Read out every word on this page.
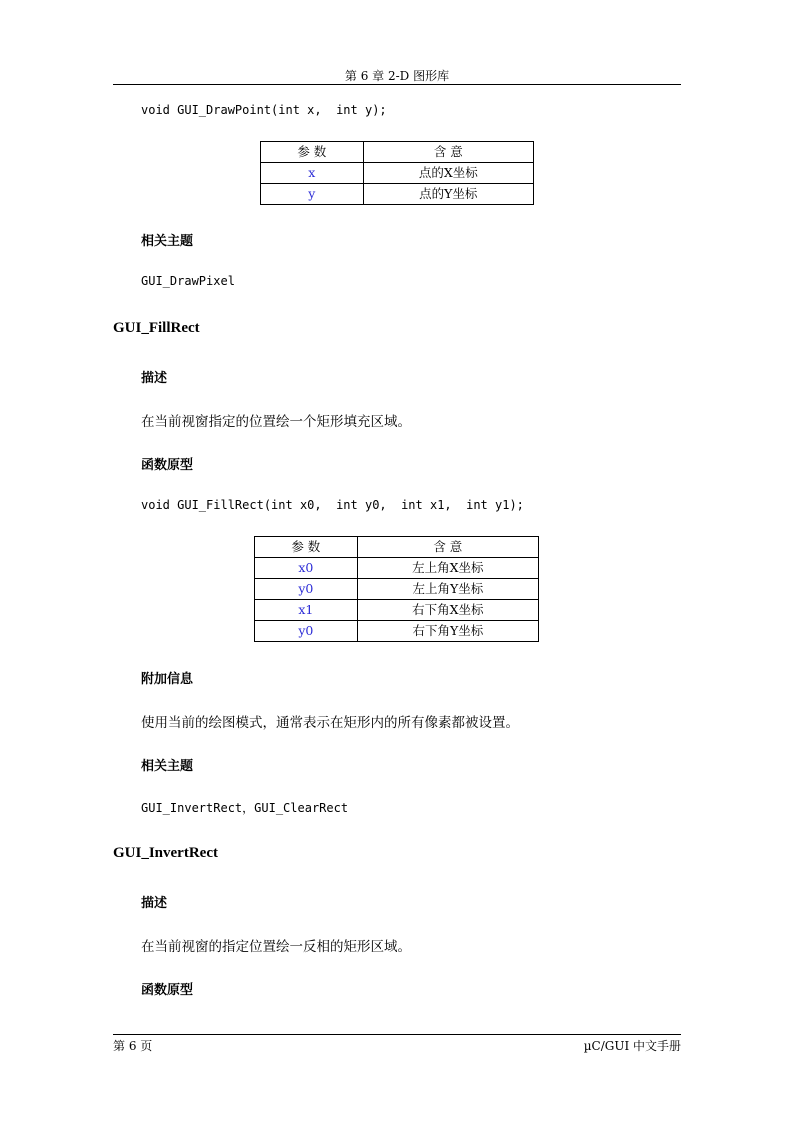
第 6 章 2-D 图形库
void GUI_DrawPoint(int x,  int y);
参 数	含 意
x	点的X坐标
y	点的Y坐标
相关主题
GUI_DrawPixel
GUI_FillRect
描述
在当前视窗指定的位置绘一个矩形填充区域。
函数原型
void GUI_FillRect(int x0,  int y0,  int x1,  int y1);
参 数	含 意
x0	左上角X坐标
y0	左上角Y坐标
x1	右下角X坐标
y0	右下角Y坐标
附加信息
使用当前的绘图模式，通常表示在矩形内的所有像素都被设置。
相关主题
GUI_InvertRect，GUI_ClearRect
GUI_InvertRect
描述
在当前视窗的指定位置绘一反相的矩形区域。
函数原型
第 6 页	µC/GUI 中文手册
